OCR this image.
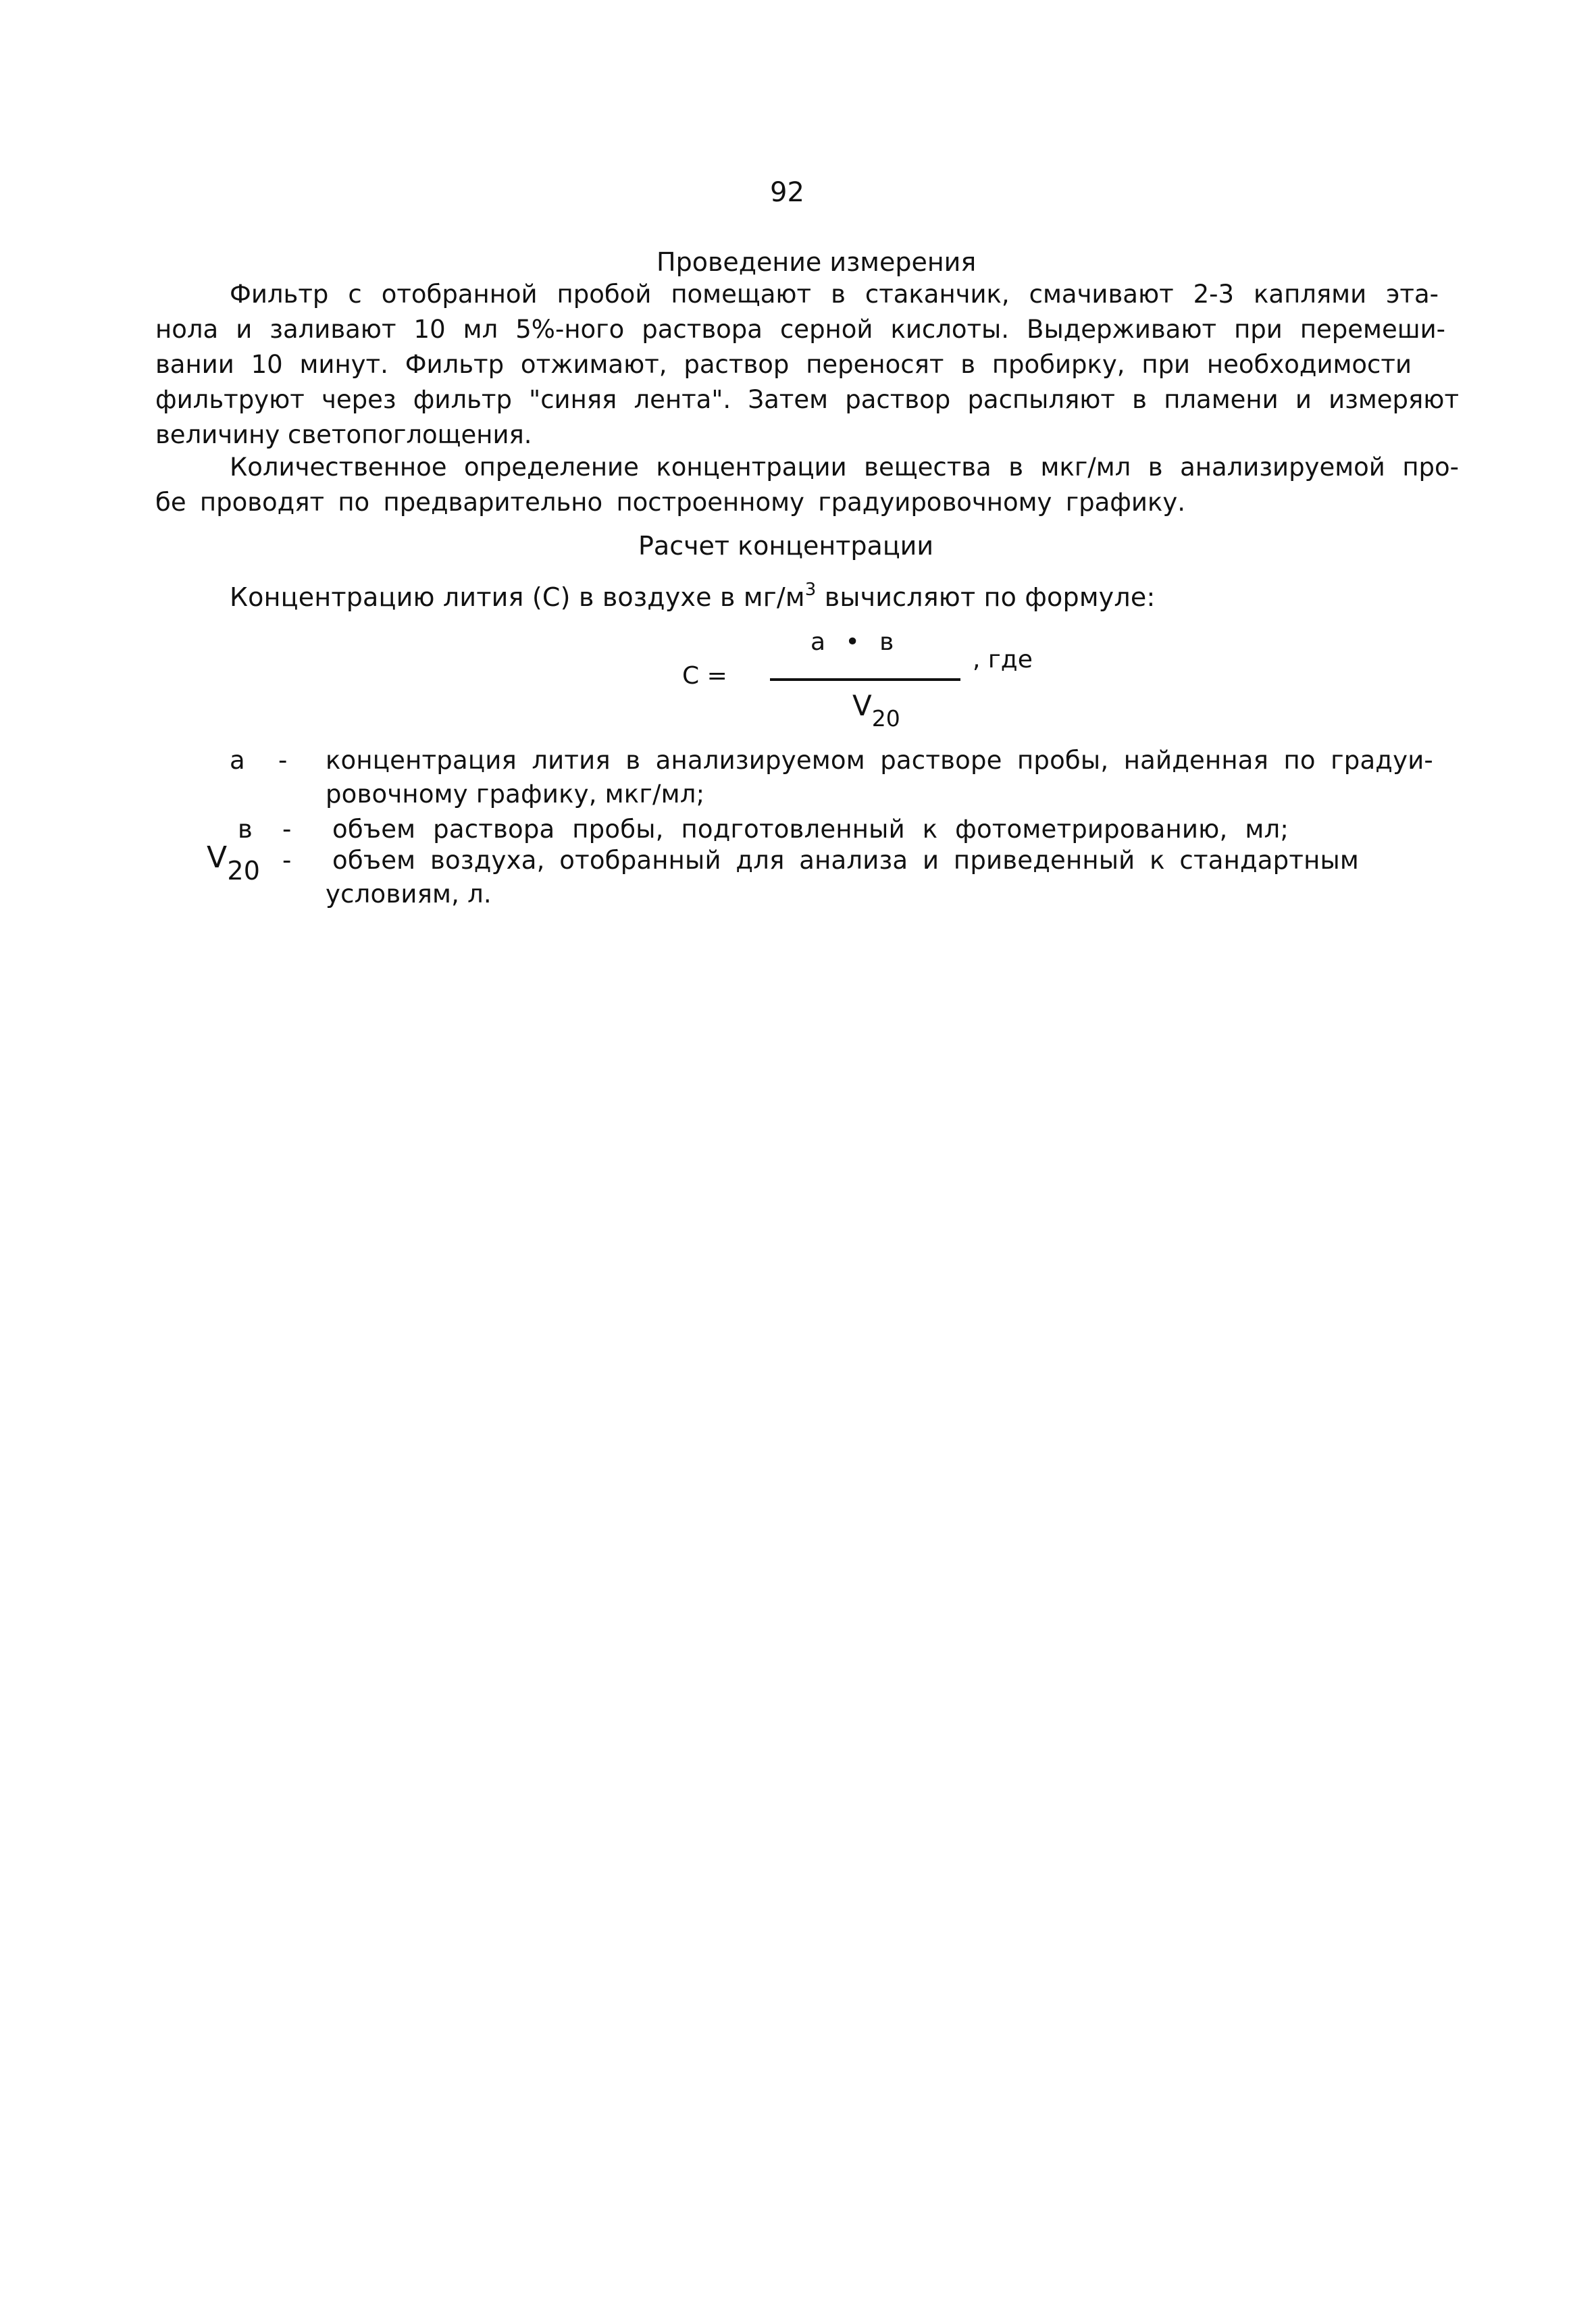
92
Проведение измерения
Фильтр с отобранной пробой помещают в стаканчик, смачивают 2-3 каплями эта-
нола и заливают 10 мл 5%-ного раствора серной кислоты. Выдерживают при перемеши-
вании 10 минут. Фильтр отжимают, раствор переносят в пробирку, при необходимости
фильтруют через фильтр "синяя лента". Затем раствор распыляют в пламени и измеряют
величину светопоглощения.
Количественное определение концентрации вещества в мкг/мл в анализируемой про-
бе проводят по предварительно построенному градуировочному графику.
Расчет концентрации
Концентрацию лития (С) в воздухе в $мг/м^3$ вычисляют по формуле:
С =
а • в
$V_{20}$
, где
а - концентрация лития в анализируемом растворе пробы, найденная по градуи-
ровочному графику, мкг/мл;
в - объем раствора пробы, подготовленный к фотометрированию, мл;
V20 - объем воздуха, отобранный для анализа и приведенный к стандартным
условиям, л.
